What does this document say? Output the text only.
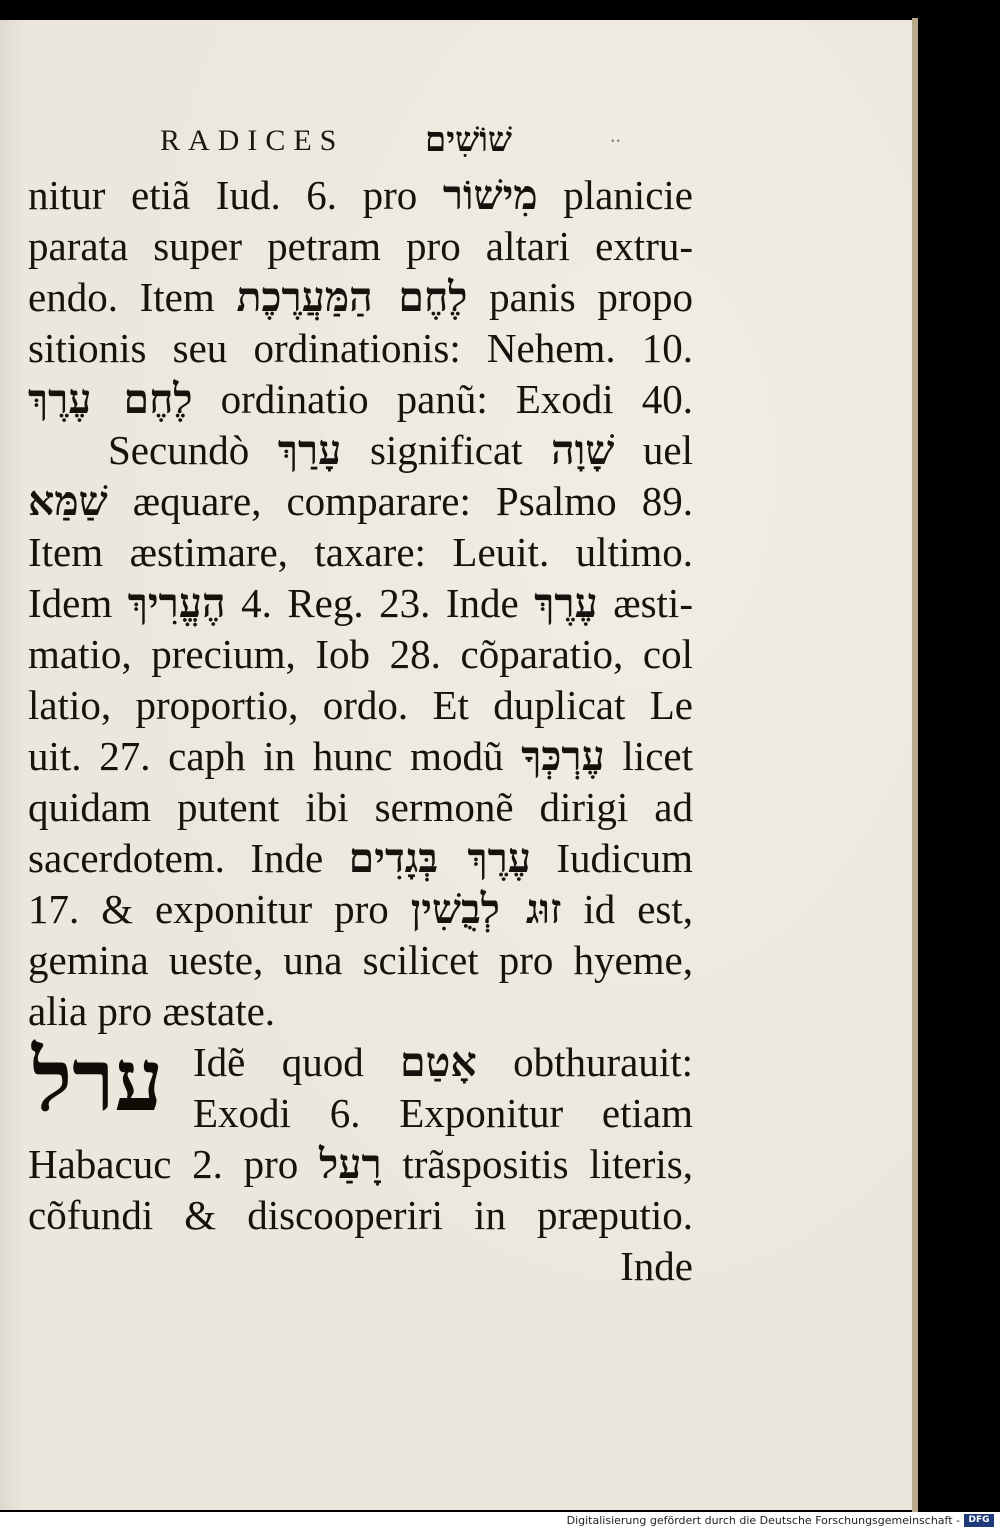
RADICES שׁוֹשִׁים	..
nitur etiã Iud. 6. pro מִישׁוֹר planicie
parata super petram pro altari extru-
endo. Item לֶחֶם הַמַּעֲרֶכֶת panis propo
sitionis seu ordinationis: Nehem. 10.
לֶחֶם עֶרֶךְ ordinatio panũ: Exodi 40.
Secundò עָרַךְ significat שָׁוָה uel
שַׁמַּא æquare, comparare: Psalmo 89.
Item æstimare, taxare: Leuit. ultimo.
Idem הֶעֱרִיךְ 4. Reg. 23. Inde עֶרֶךְ æsti-
matio, precium, Iob 28. cõparatio, col
latio, proportio, ordo. Et duplicat Le
uit. 27. caph in hunc modũ עֶרְכְּךָ licet
quidam putent ibi sermonẽ dirigi ad
sacerdotem. Inde עֶרֶךְ בְּגָדִים Iudicum
17. & exponitur pro זוּג לְבֻשִׁין id est,
gemina ueste, una scilicet pro hyeme,
alia pro æstate.
ערל Idẽ quod אָטַם obthurauit:
Exodi 6. Exponitur etiam
Habacuc 2. pro רָעַל trãspositis literis,
cõfundi & discooperiri in præputio.
Inde
Digitalisierung gefördert durch die Deutsche Forschungsgemeinschaft - DFG
